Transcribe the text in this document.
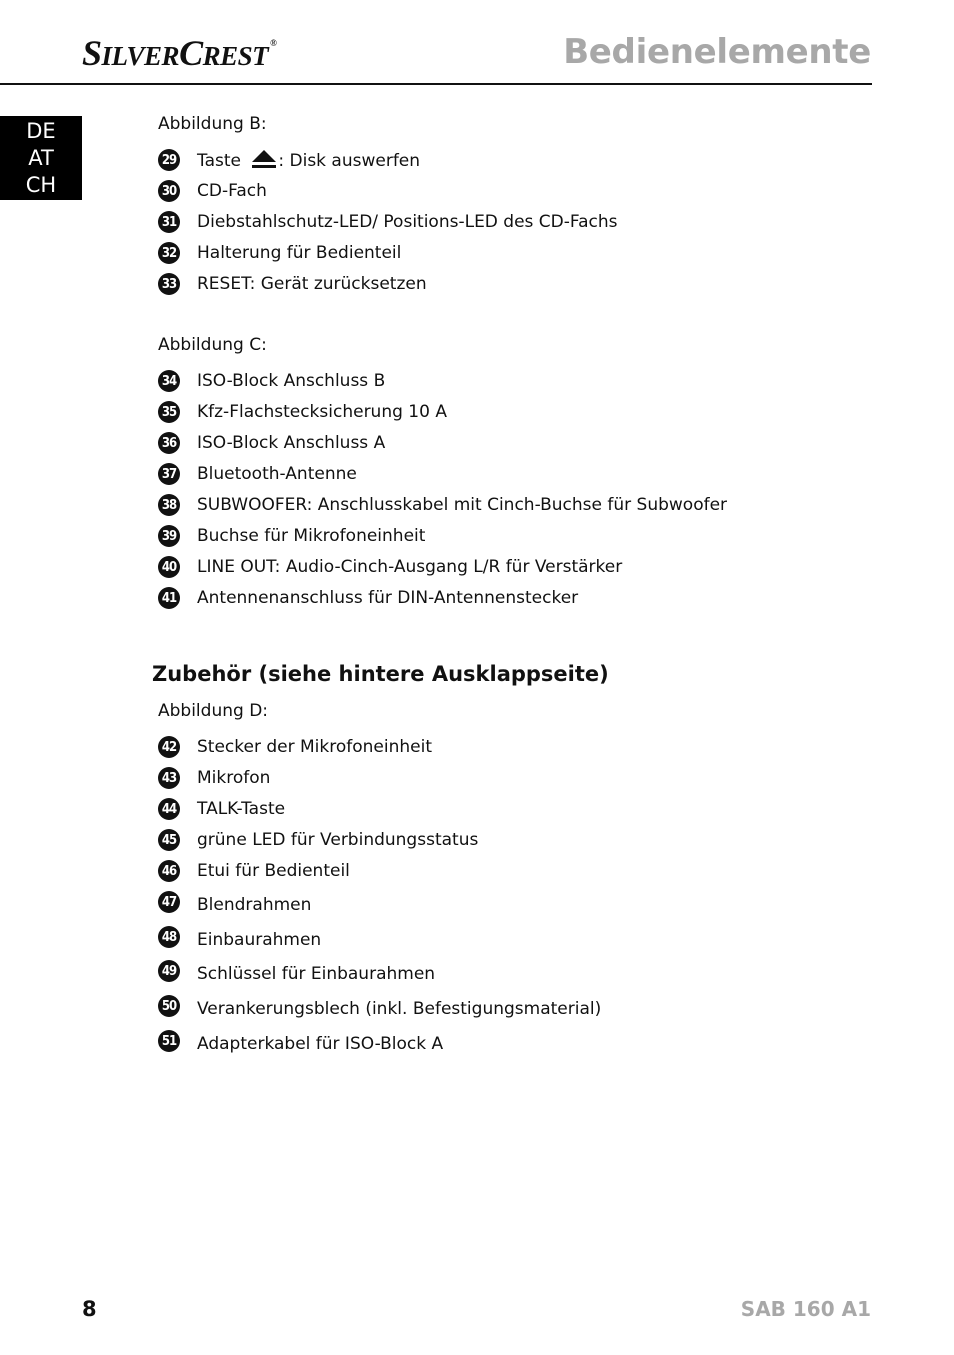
SILVERCREST ®	Bedienelemente
DE
AT
CH
Abbildung B:
29 Taste : Disk auswerfen
30 CD-Fach
31 Diebstahlschutz-LED/ Positions-LED des CD-Fachs
32 Halterung für Bedienteil
33 RESET: Gerät zurücksetzen
Abbildung C:
34 ISO-Block Anschluss B
35 Kfz-Flachstecksicherung 10 A
36 ISO-Block Anschluss A
37 Bluetooth-Antenne
38 SUBWOOFER: Anschlusskabel mit Cinch-Buchse für Subwoofer
39 Buchse für Mikrofoneinheit
40 LINE OUT: Audio-Cinch-Ausgang L/R für Verstärker
41 Antennenanschluss für DIN-Antennenstecker
Zubehör (siehe hintere Ausklappseite)
Abbildung D:
42 Stecker der Mikrofoneinheit
43 Mikrofon
44 TALK-Taste
45 grüne LED für Verbindungsstatus
46 Etui für Bedienteil
47 Blendrahmen
48 Einbaurahmen
49 Schlüssel für Einbaurahmen
50 Verankerungsblech (inkl. Befestigungsmaterial)
51 Adapterkabel für ISO-Block A
8	SAB 160 A1
